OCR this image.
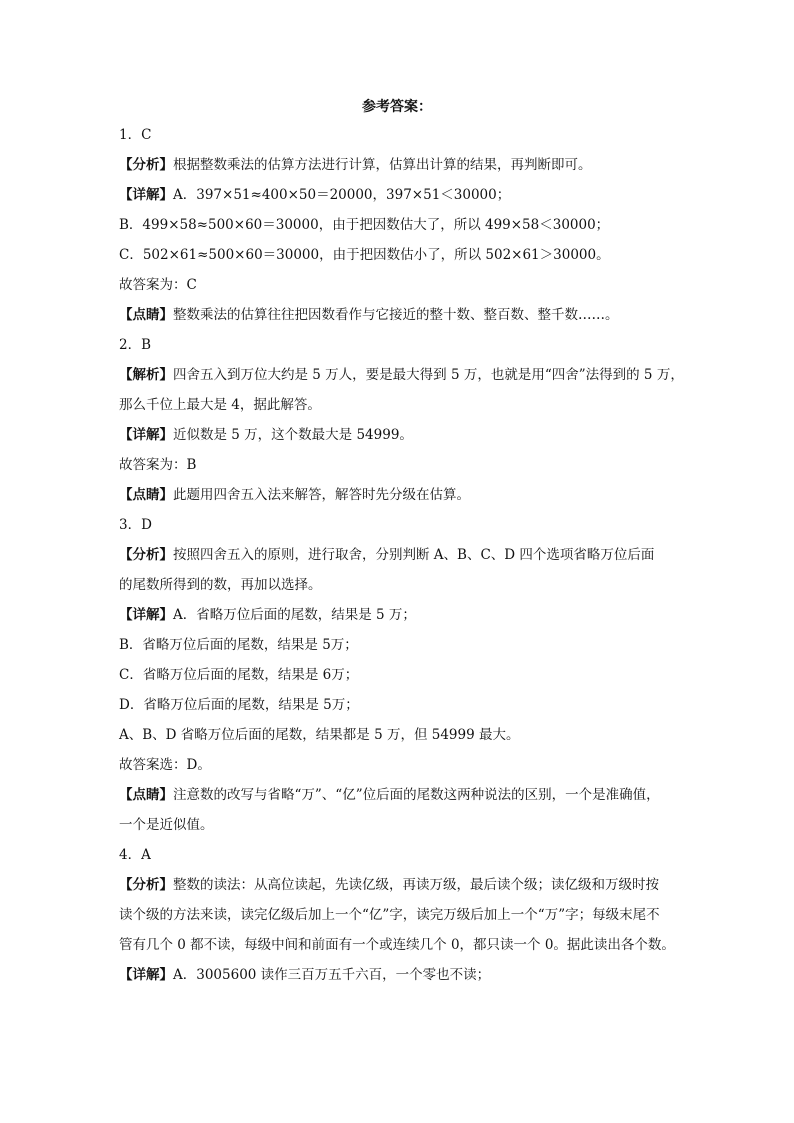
参考答案：
1．C
【分析】根据整数乘法的估算方法进行计算，估算出计算的结果，再判断即可。
【详解】A．397×51≈400×50＝20000，397×51＜30000；
B．499×58≈500×60＝30000，由于把因数估大了，所以 499×58＜30000；
C．502×61≈500×60＝30000，由于把因数估小了，所以 502×61＞30000。
故答案为：C
【点睛】整数乘法的估算往往把因数看作与它接近的整十数、整百数、整千数……。
2．B
【解析】四舍五入到万位大约是 5 万人，要是最大得到 5 万，也就是用“四舍”法得到的 5 万，
那么千位上最大是 4，据此解答。
【详解】近似数是 5 万，这个数最大是 54999。
故答案为：B
【点睛】此题用四舍五入法来解答，解答时先分级在估算。
3．D
【分析】按照四舍五入的原则，进行取舍，分别判断 A、B、C、D 四个选项省略万位后面
的尾数所得到的数，再加以选择。
【详解】A．省略万位后面的尾数，结果是 5 万；
B．省略万位后面的尾数，结果是 5万；
C．省略万位后面的尾数，结果是 6万；
D．省略万位后面的尾数，结果是 5万；
A、B、D 省略万位后面的尾数，结果都是 5 万，但 54999 最大。
故答案选：D。
【点睛】注意数的改写与省略“万”、“亿”位后面的尾数这两种说法的区别，一个是准确值，
一个是近似值。
4．A
【分析】整数的读法：从高位读起，先读亿级，再读万级，最后读个级；读亿级和万级时按
读个级的方法来读，读完亿级后加上一个“亿”字，读完万级后加上一个“万”字；每级末尾不
管有几个 0 都不读，每级中间和前面有一个或连续几个 0，都只读一个 0。据此读出各个数。
【详解】A．3005600 读作三百万五千六百，一个零也不读；
